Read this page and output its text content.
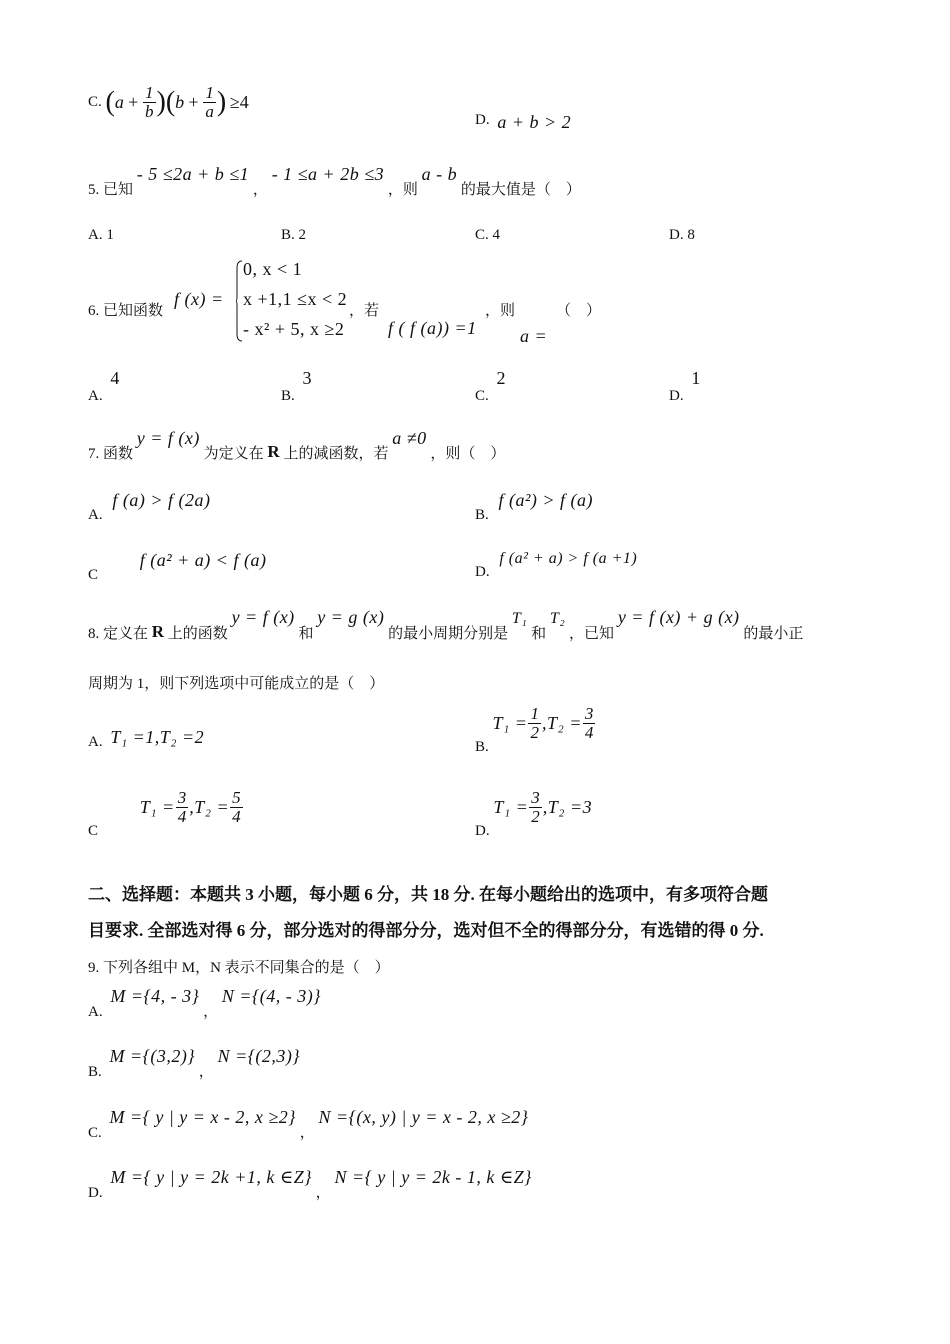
C. $(a + \frac{1}{b} )(b + \frac{1}{a}$ ) ≥4
D. a + b > 2
5. 已知 - 5 ≤2a + b ≤1 ， - 1 ≤a + 2b ≤3 ，则 a - b 的最大值是（　）
A. 1	B. 2	C. 4	D. 8
6. 已知函数
f (x) =
0, x < 1
x +1,1 ≤x < 2
- x² + 5, x ≥2
，若
f ( f (a)) =1
，则
a =
（　）
A. 4
B. 3
C. 2
D. 1
7. 函数 y = f (x) 为定义在 R 上的减函数，若 a ≠0 ，则（　）
A. f (a) > f (2a)
B. f (a²) > f (a)
C f (a² + a) < f (a)
D. f (a² + a) > f (a +1)
8. 定义在 R 上的函数 y = f (x) 和 y = g (x) 的最小周期分别是 T₁ 和 T₂ ，已知 y = f (x) + g (x) 的最小正
周期为 1，则下列选项中可能成立的是（　）
A. T₁ =1,T₂ =2	B. $T_1 = \frac{1}{2} ,T_2 = \frac{3}{4}$
C $T_1 = \frac{3}{4} ,T_2 = \frac{5}{4}$
D. $T_1 = \frac{3}{2} ,T_2 =3$
二、选择题：本题共 3 小题，每小题 6 分，共 18 分. 在每小题给出的选项中，有多项符合题
目要求. 全部选对得 6 分，部分选对的得部分分，选对但不全的得部分分，有选错的得 0 分.
9. 下列各组中 M，N 表示不同集合的是（　）
A. M ={4, - 3} ， N ={(4, - 3)}
B. M ={(3,2)} ， N ={(2,3)}
C. M ={ y | y = x - 2, x ≥2} ， N ={(x, y) | y = x - 2, x ≥2}
D. M ={ y | y = 2k +1, k ∈Z} ， N ={ y | y = 2k - 1, k ∈Z}
